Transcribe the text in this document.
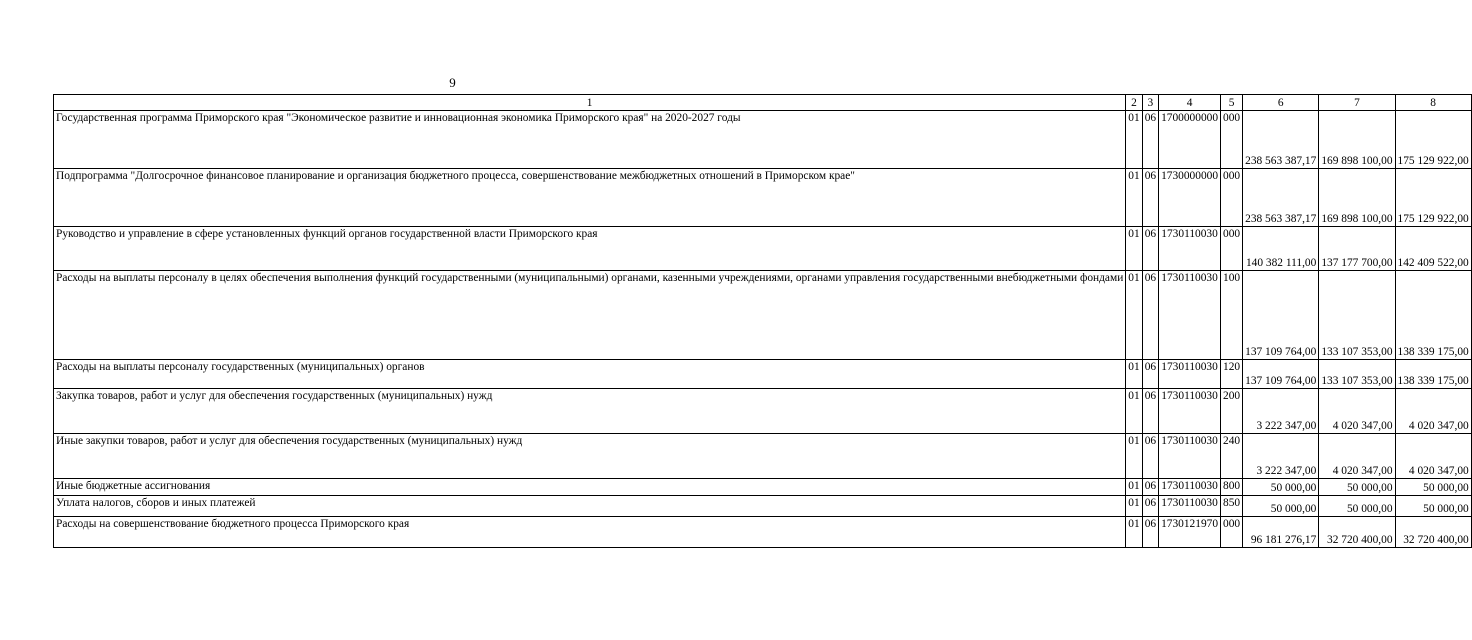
9
1	2	3	4	5	6	7	8
Государственная программа Приморского края "Экономическое развитие и инновационная экономика Приморского края" на 2020-2027 годы	01	06	1700000000	000	238 563 387,17	169 898 100,00	175 129 922,00
Подпрограмма "Долгосрочное финансовое планирование и организация бюджетного процесса, совершенствование межбюджетных отношений в Приморском крае"	01	06	1730000000	000	238 563 387,17	169 898 100,00	175 129 922,00
Руководство и управление в сфере установленных функций органов государственной власти Приморского края	01	06	1730110030	000	140 382 111,00	137 177 700,00	142 409 522,00
Расходы на выплаты персоналу в целях обеспечения выполнения функций государственными (муниципальными) органами, казенными учреждениями, органами управления государственными внебюджетными фондами	01	06	1730110030	100	137 109 764,00	133 107 353,00	138 339 175,00
Расходы на выплаты персоналу государственных (муниципальных) органов	01	06	1730110030	120	137 109 764,00	133 107 353,00	138 339 175,00
Закупка товаров, работ и услуг для обеспечения государственных (муниципальных) нужд	01	06	1730110030	200	3 222 347,00	4 020 347,00	4 020 347,00
Иные закупки товаров, работ и услуг для обеспечения государственных (муниципальных) нужд	01	06	1730110030	240	3 222 347,00	4 020 347,00	4 020 347,00
Иные бюджетные ассигнования	01	06	1730110030	800	50 000,00	50 000,00	50 000,00
Уплата налогов, сборов и иных платежей	01	06	1730110030	850	50 000,00	50 000,00	50 000,00
Расходы на совершенствование бюджетного процесса Приморского края	01	06	1730121970	000	96 181 276,17	32 720 400,00	32 720 400,00
